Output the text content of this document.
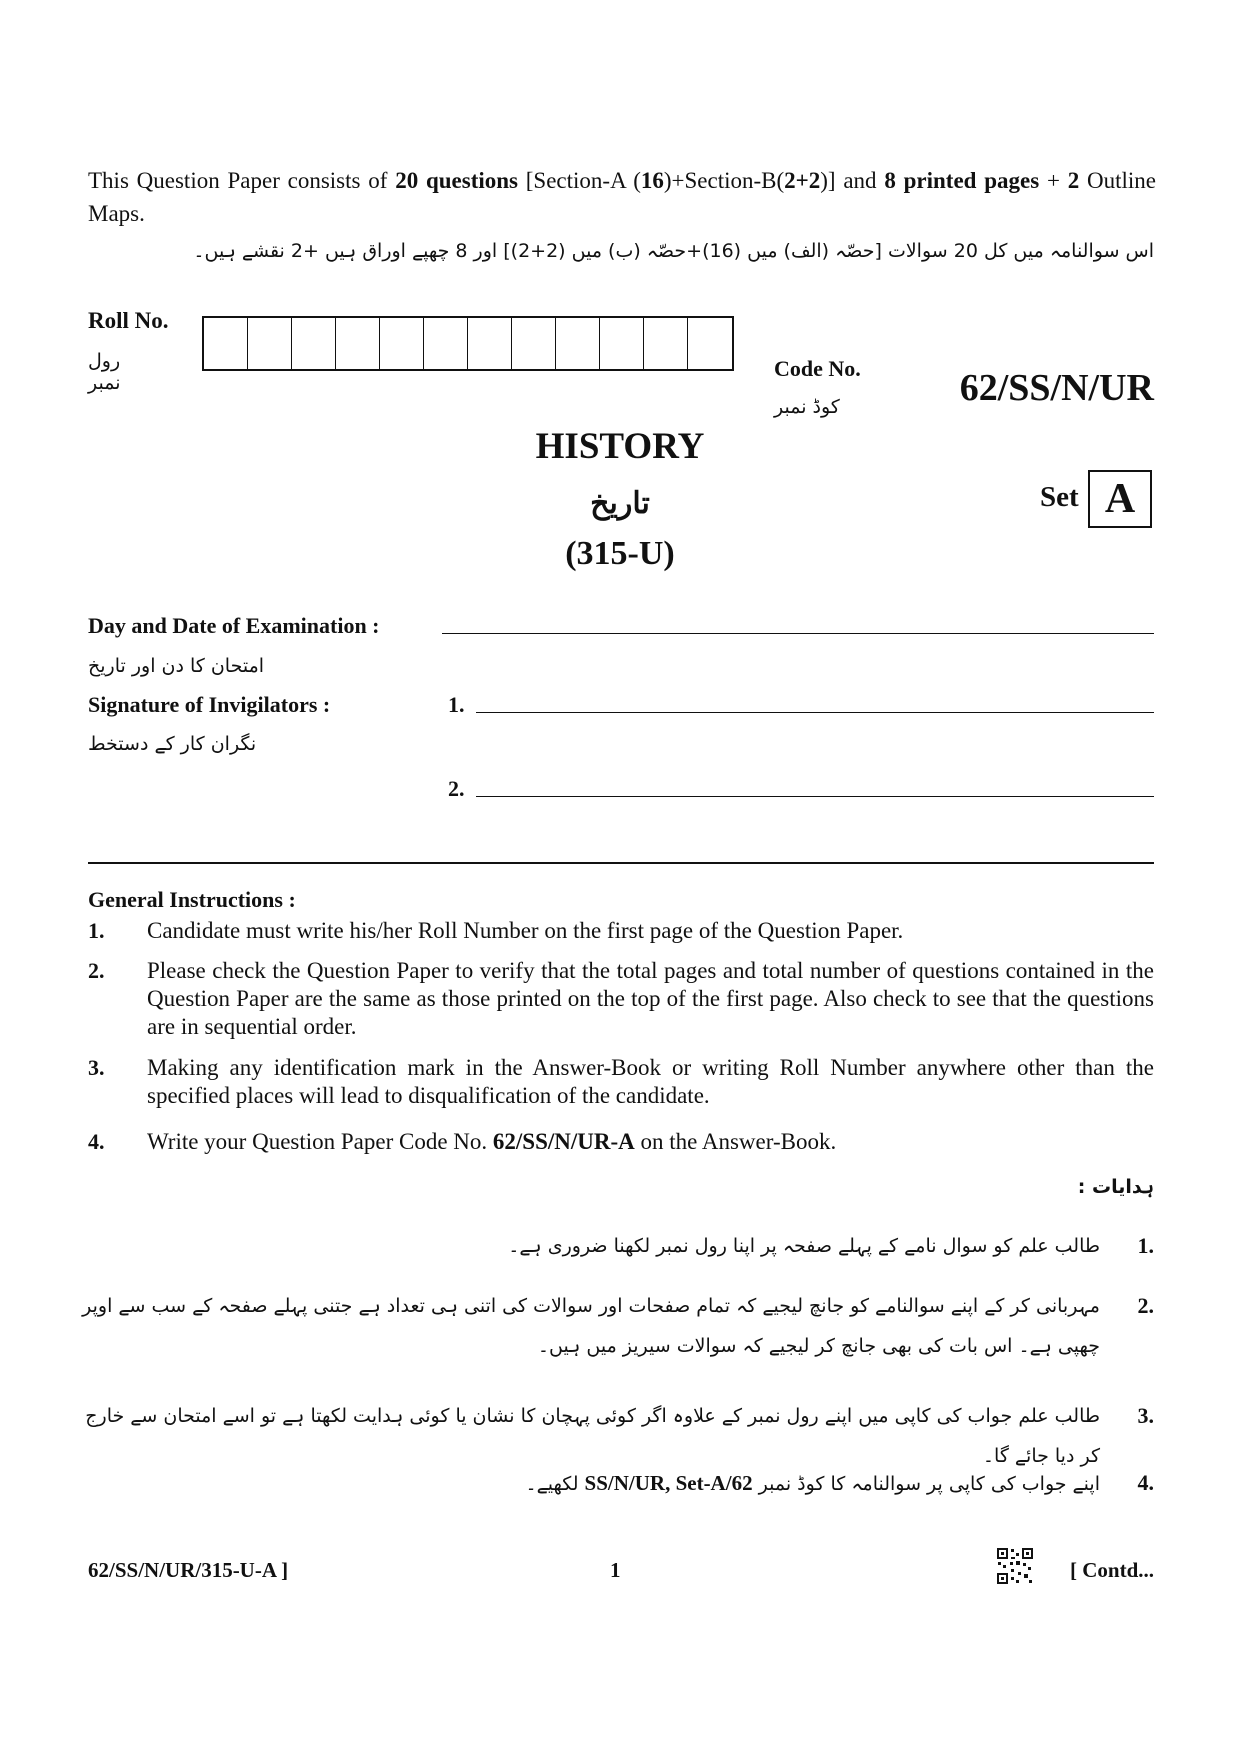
This Question Paper consists of 20 questions [Section-A (16)+Section-B(2+2)] and 8 printed pages + 2 Outline Maps.
اس سوالنامہ میں کل 20 سوالات [حصّہ (الف) میں (16)+حصّہ (ب) میں (2+2)] اور 8 چھپے اوراق ہیں +2 نقشے ہیں۔
Roll No.
رول نمبر
Code No.
کوڈ نمبر	62/SS/N/UR
HISTORY
تاریخ
(315-U)
Set A
Day and Date of Examination :
امتحان کا دن اور تاریخ
Signature of Invigilators :	1.
نگران کار کے دستخط
2.
General Instructions :
1. Candidate must write his/her Roll Number on the first page of the Question Paper.
2. Please check the Question Paper to verify that the total pages and total number of questions contained in the Question Paper are the same as those printed on the top of the first page. Also check to see that the questions are in sequential order.
3. Making any identification mark in the Answer-Book or writing Roll Number anywhere other than the specified places will lead to disqualification of the candidate.
4. Write your Question Paper Code No. 62/SS/N/UR-A on the Answer-Book.
ہدایات :
1.
طالب علم کو سوال نامے کے پہلے صفحہ پر اپنا رول نمبر لکھنا ضروری ہے۔
2.
مہربانی کر کے اپنے سوالنامے کو جانچ لیجیے کہ تمام صفحات اور سوالات کی اتنی ہی تعداد ہے جتنی پہلے صفحہ کے سب سے اوپر چھپی ہے۔ اس بات کی بھی جانچ کر لیجیے کہ سوالات سیریز میں ہیں۔
3.
طالب علم جواب کی کاپی میں اپنے رول نمبر کے علاوہ اگر کوئی پہچان کا نشان یا کوئی ہدایت لکھتا ہے تو اسے امتحان سے خارج کر دیا جائے گا۔
4.
اپنے جواب کی کاپی پر سوالنامہ کا کوڈ نمبر 62/SS/N/UR, Set-A لکھیے۔
62/SS/N/UR/315-U-A ]	1	[ Contd...
